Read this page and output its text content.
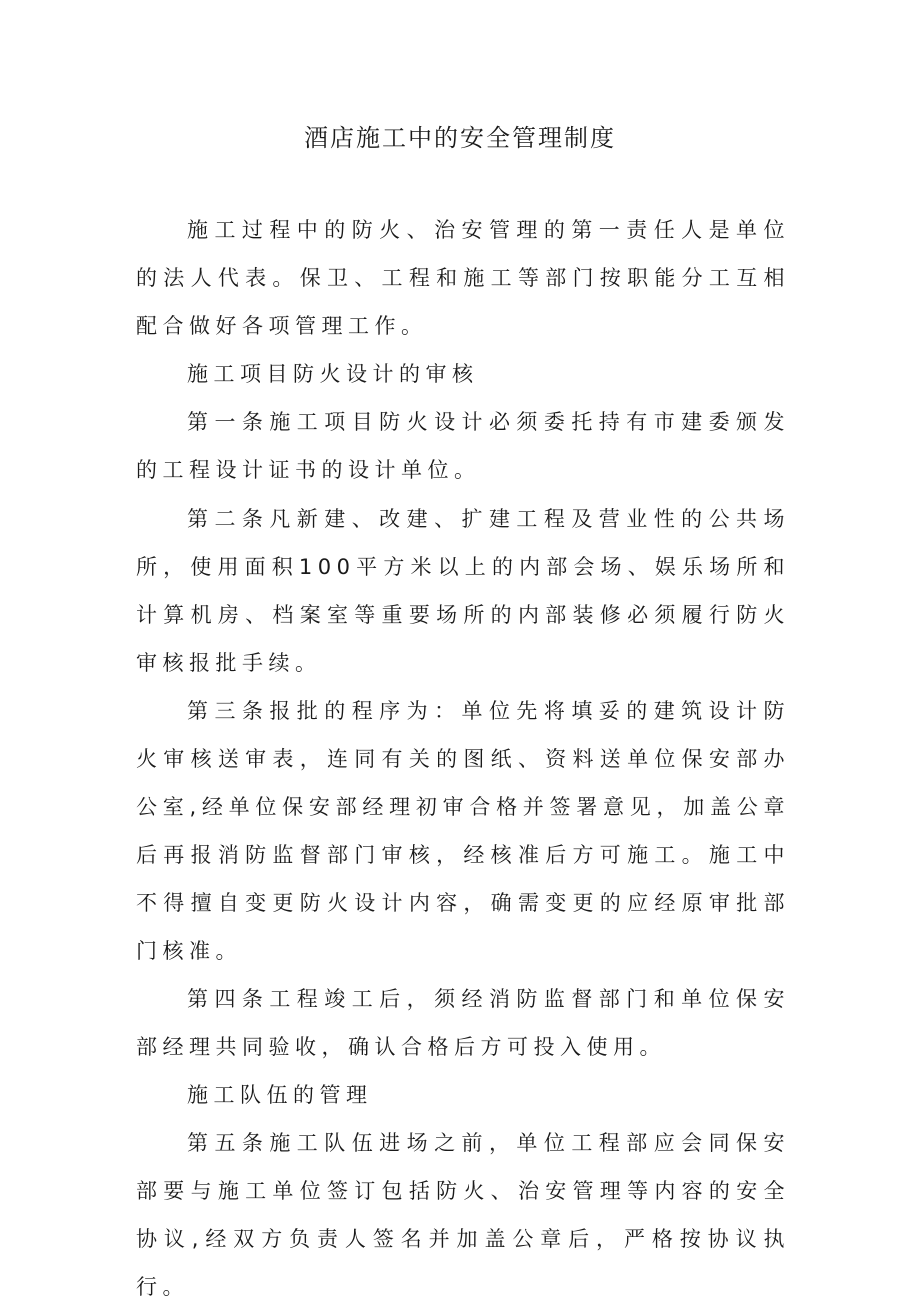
酒店施工中的安全管理制度

施工过程中的防火、治安管理的第一责任人是单位的法人代表。保卫、工程和施工等部门按职能分工互相配合做好各项管理工作。

施工项目防火设计的审核

第一条施工项目防火设计必须委托持有市建委颁发的工程设计证书的设计单位。

第二条凡新建、改建、扩建工程及营业性的公共场所，使用面积100平方米以上的内部会场、娱乐场所和计算机房、档案室等重要场所的内部装修必须履行防火审核报批手续。

第三条报批的程序为：单位先将填妥的建筑设计防火审核送审表，连同有关的图纸、资料送单位保安部办公室,经单位保安部经理初审合格并签署意见，加盖公章后再报消防监督部门审核，经核准后方可施工。施工中不得擅自变更防火设计内容，确需变更的应经原审批部门核准。

第四条工程竣工后，须经消防监督部门和单位保安部经理共同验收，确认合格后方可投入使用。

施工队伍的管理

第五条施工队伍进场之前，单位工程部应会同保安部要与施工单位签订包括防火、治安管理等内容的安全协议,经双方负责人签名并加盖公章后，严格按协议执行。
